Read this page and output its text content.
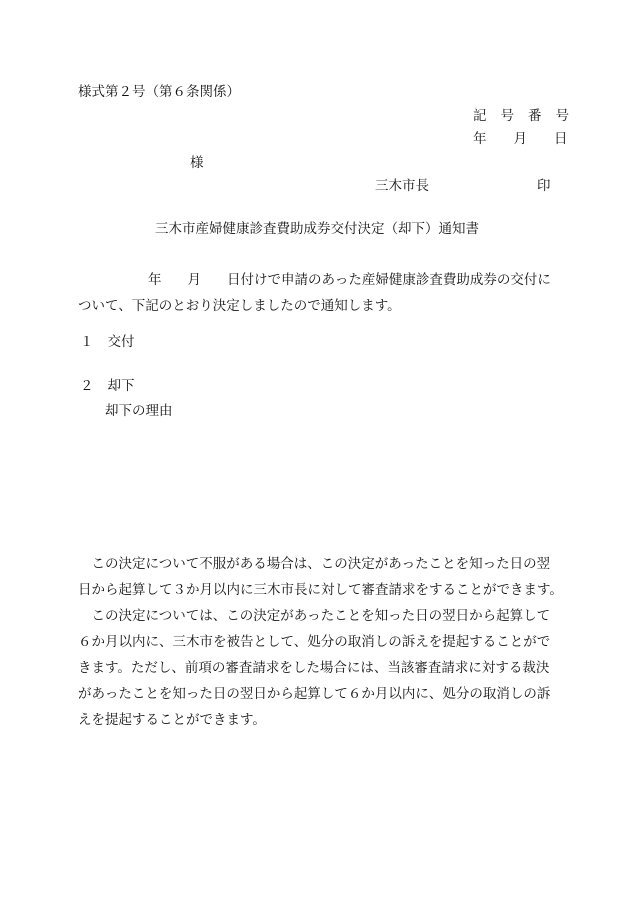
様式第２号（第６条関係）
記 号 番 号
年 月 日
様
三木市長	印
三木市産婦健康診査費助成券交付決定（却下）通知書
年 月 日付けで申請のあった産婦健康診査費助成券の交付に
ついて、下記のとおり決定しましたので通知します。
１ 交付
２ 却下
却下の理由

　この決定について不服がある場合は、この決定があったことを知った日の翌

日から起算して３か月以内に三木市長に対して審査請求をすることができます。

　この決定については、この決定があったことを知った日の翌日から起算して

６か月以内に、三木市を被告として、処分の取消しの訴えを提起することがで

きます。ただし、前項の審査請求をした場合には、当該審査請求に対する裁決

があったことを知った日の翌日から起算して６か月以内に、処分の取消しの訴

えを提起することができます。
